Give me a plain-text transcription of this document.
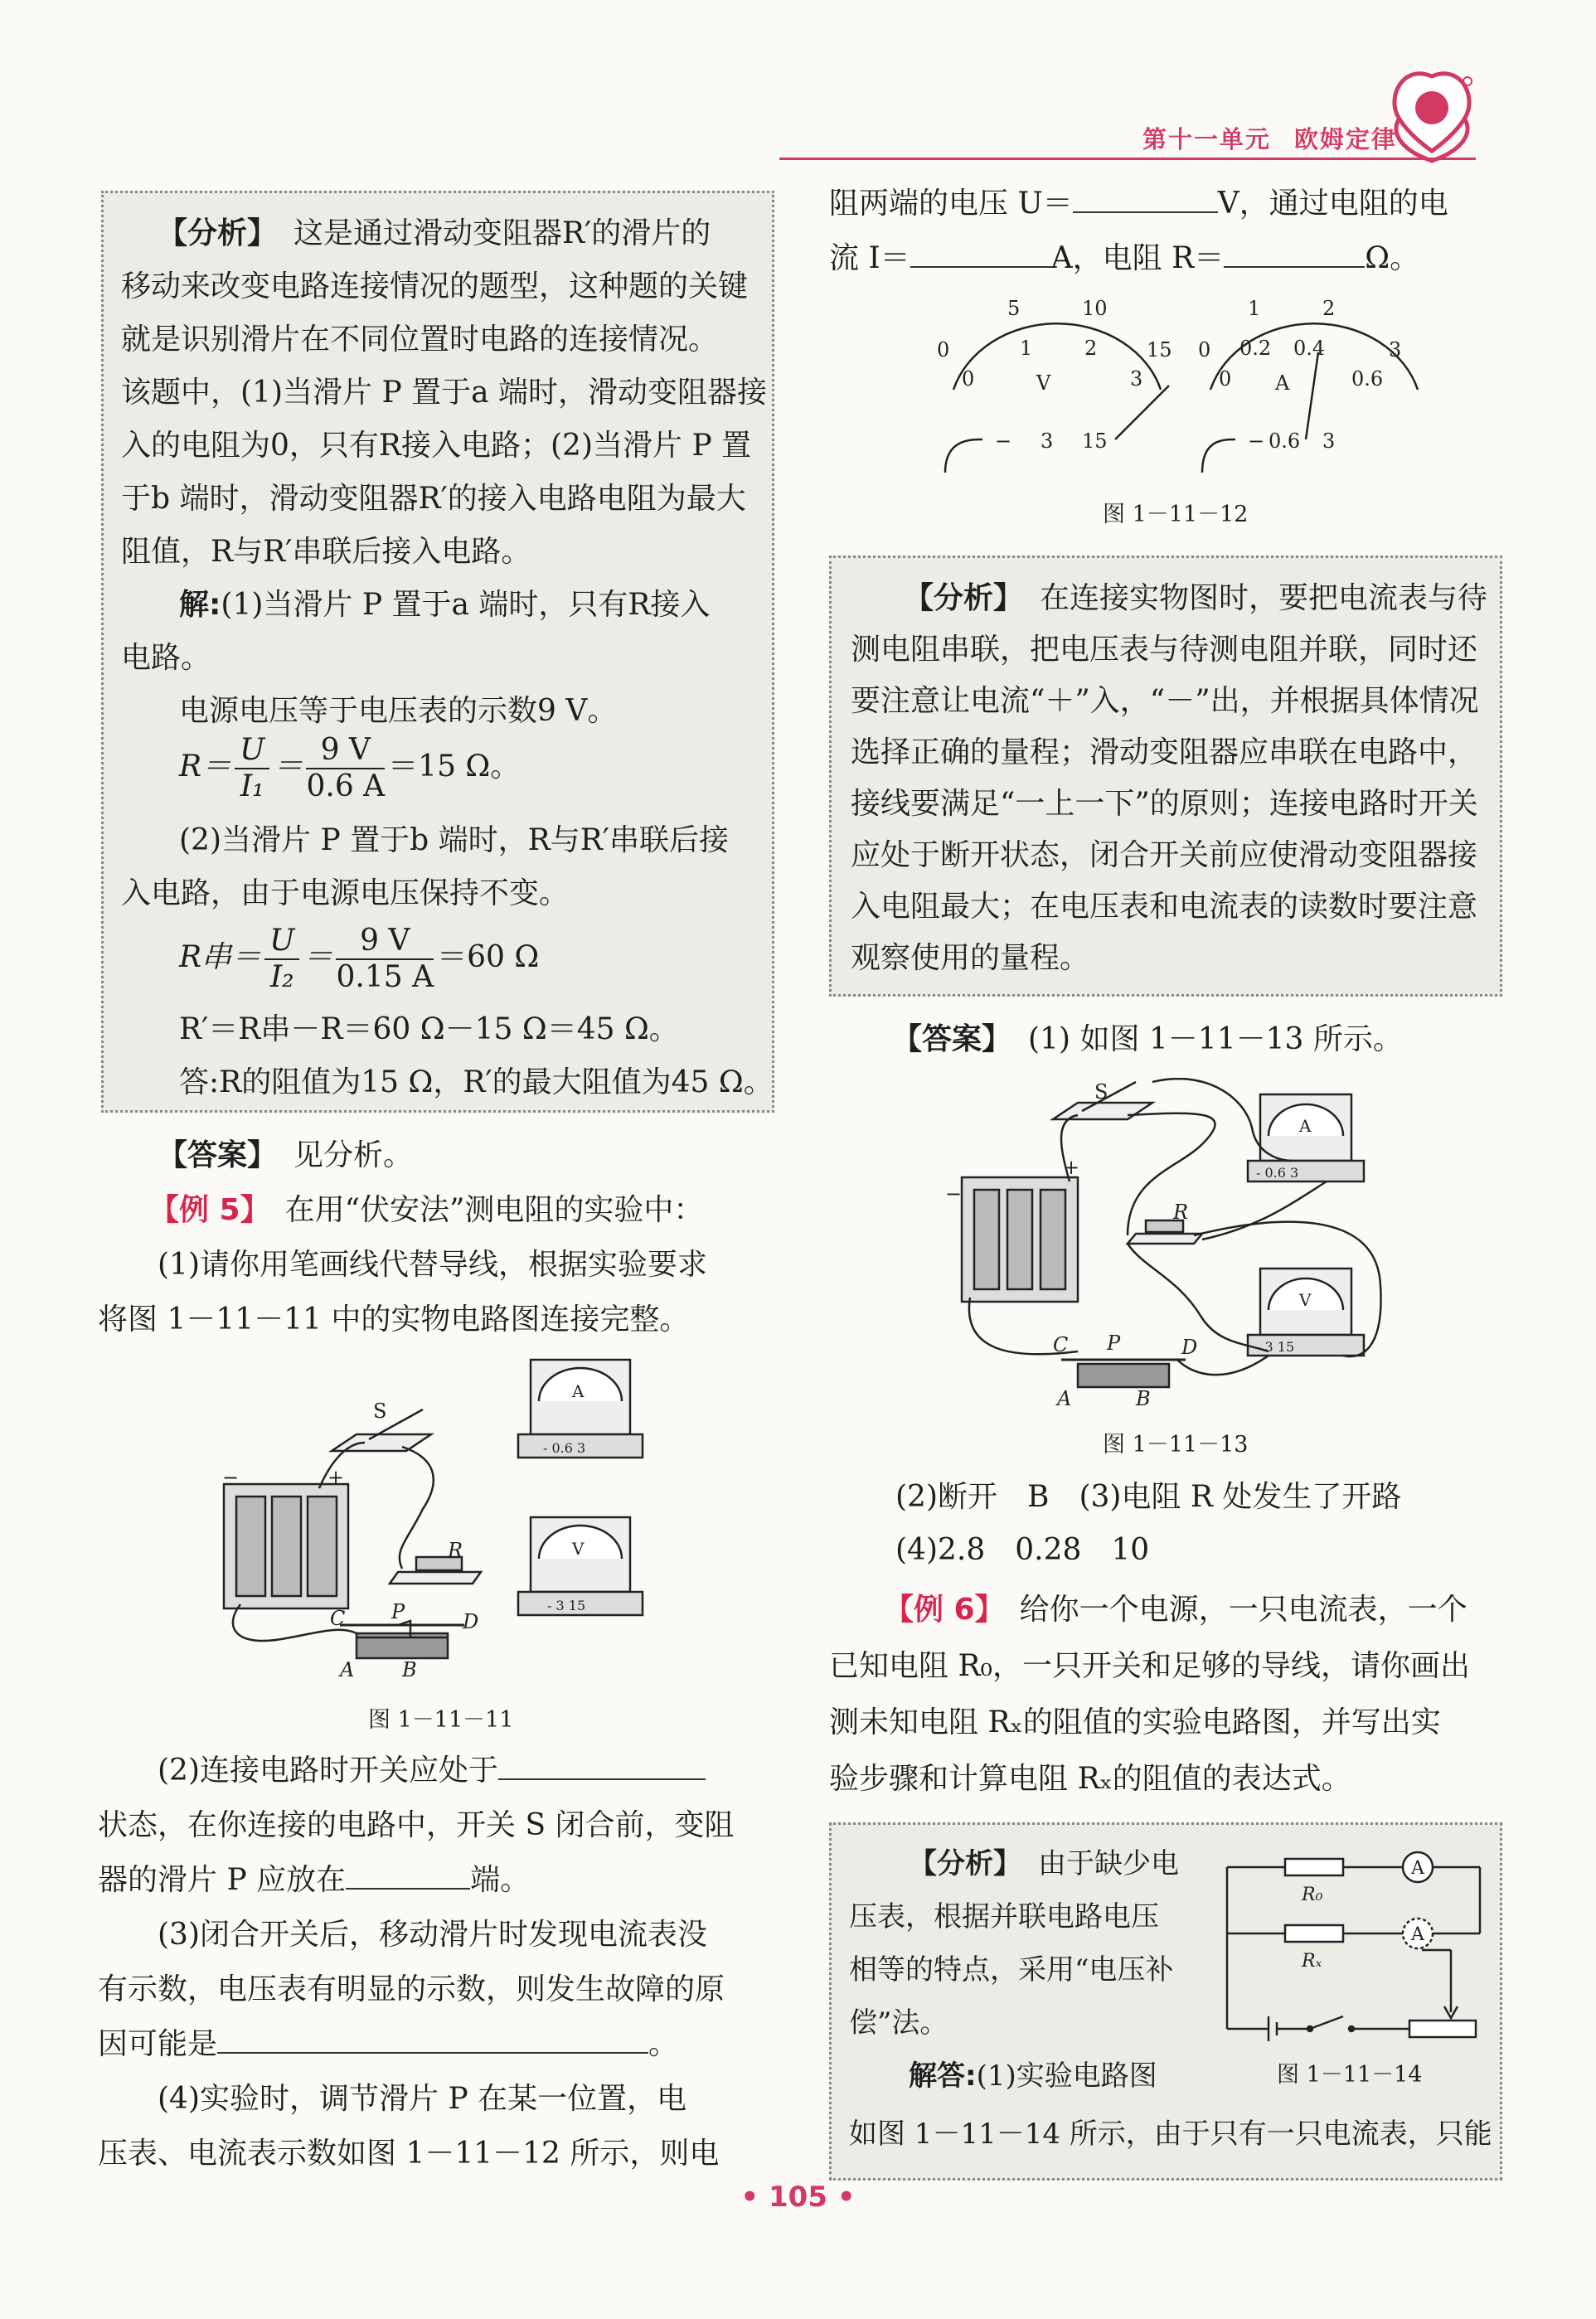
第十一单元 欧姆定律
【分析】 这是通过滑动变阻器R′的滑片的
移动来改变电路连接情况的题型，这种题的关键
就是识别滑片在不同位置时电路的连接情况。
该题中，(1)当滑片 P 置于a 端时，滑动变阻器接
入的电阻为0，只有R接入电路；(2)当滑片 P 置
于b 端时，滑动变阻器R′的接入电路电阻为最大
阻值，R与R′串联后接入电路。
解:(1)当滑片 P 置于a 端时，只有R接入
电路。
电源电压等于电压表的示数9 V。
$R= \frac{U}{\text{I₁}} = \frac{9 V}{0.6 A} =15$ Ω。
(2)当滑片 P 置于b 端时，R与R′串联后接
入电路，由于电源电压保持不变。
R串＝ $\frac{U}{\text{I₂}} = \frac{9 V}{0.15 A} =60$ Ω
R′＝R串－R＝60 Ω－15 Ω＝45 Ω。
答:R的阻值为15 Ω，R′的最大阻值为45 Ω。
【答案】 见分析。
【例 5】 在用“伏安法”测电阻的实验中：
(1)请你用笔画线代替导线，根据实验要求
将图 1－11－11 中的实物电路图连接完整。
S
R
+
−
C P	D
A B
A
- 0.6 3
V
- 3 15
图 1－11－11
(2)连接电路时开关应处于
状态，在你连接的电路中，开关 S 闭合前，变阻
器的滑片 P 应放在	端。
(3)闭合开关后，移动滑片时发现电流表没
有示数，电压表有明显的示数，则发生故障的原
因可能是	。
(4)实验时，调节滑片 P 在某一位置，电
压表、电流表示数如图 1－11－12 所示，则电
阻两端的电压 U＝	V，通过电阻的电
流 I＝	A，电阻 R＝	Ω。
0
5	10
15
0
1	2
3
V
− 3 15
0
1	2
3
0
0.2 0.4
0.6
A
− 0.6 3
图 1－11－12
【分析】 在连接实物图时，要把电流表与待
测电阻串联，把电压表与待测电阻并联，同时还
要注意让电流“＋”入，“－”出，并根据具体情况
选择正确的量程；滑动变阻器应串联在电路中，
接线要满足“一上一下”的原则；连接电路时开关
应处于断开状态，闭合开关前应使滑动变阻器接
入电阻最大；在电压表和电流表的读数时要注意
观察使用的量程。
【答案】 (1) 如图 1－11－13 所示。
S
R
+
−
C P	D
A	B
A
- 0.6 3
V
- 3 15
图 1－11－13
(2)断开　B　(3)电阻 R 处发生了开路
(4)2.8　0.28　10
【例 6】 给你一个电源，一只电流表，一个
已知电阻 R₀，一只开关和足够的导线，请你画出
测未知电阻 Rₓ的阻值的实验电路图，并写出实
验步骤和计算电阻 Rₓ的阻值的表达式。
【分析】 由于缺少电
压表，根据并联电路电压
相等的特点，采用“电压补
偿”法。
解答:(1)实验电路图
如图 1－11－14 所示，由于只有一只电流表，只能
A
A
R₀
Rₓ
图 1－11－14
• 105 •
